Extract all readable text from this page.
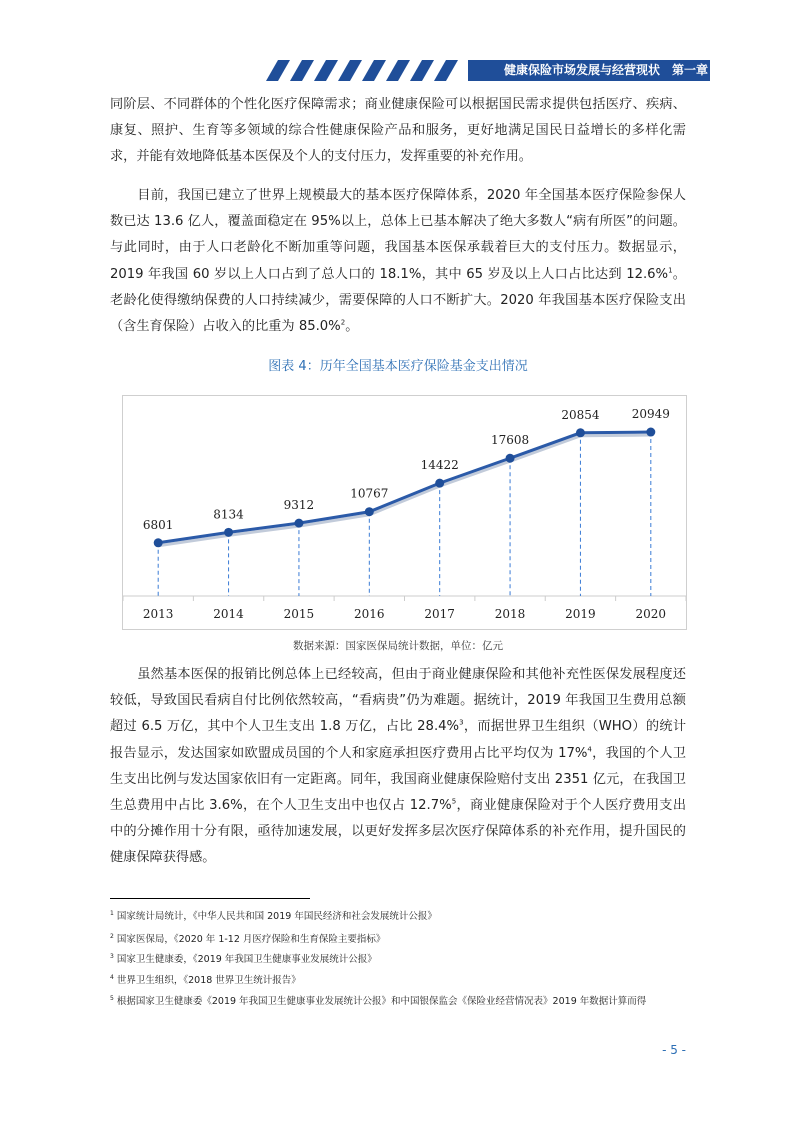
健康保险市场发展与经营现状　第一章

同阶层、不同群体的个性化医疗保障需求；商业健康保险可以根据国民需求提供包括医疗、疾病、康复、照护、生育等多领域的综合性健康保险产品和服务，更好地满足国民日益增长的多样化需求，并能有效地降低基本医保及个人的支付压力，发挥重要的补充作用。

目前，我国已建立了世界上规模最大的基本医疗保障体系，2020 年全国基本医疗保险参保人数已达 13.6 亿人，覆盖面稳定在 95%以上，总体上已基本解决了绝大多数人“病有所医”的问题。与此同时，由于人口老龄化不断加重等问题，我国基本医保承载着巨大的支付压力。数据显示，2019 年我国 60 岁以上人口占到了总人口的 18.1%，其中 65 岁及以上人口占比达到 12.6%$^1$。老龄化使得缴纳保费的人口持续减少，需要保障的人口不断扩大。2020 年我国基本医疗保险支出（含生育保险）占收入的比重为 85.0%$^2$。

图表 4：历年全国基本医疗保险基金支出情况
6801
8134
9312
10767
14422
17608
20854	20949
2013	2014	2015	2016	2017	2018	2019	2020
数据来源：国家医保局统计数据，单位：亿元

虽然基本医保的报销比例总体上已经较高，但由于商业健康保险和其他补充性医保发展程度还较低，导致国民看病自付比例依然较高，“看病贵”仍为难题。据统计，2019 年我国卫生费用总额超过 6.5 万亿，其中个人卫生支出 1.8 万亿，占比 28.4%$^3$，而据世界卫生组织（WHO）的统计报告显示，发达国家如欧盟成员国的个人和家庭承担医疗费用占比平均仅为 17%$^4$，我国的个人卫生支出比例与发达国家依旧有一定距离。同年，我国商业健康保险赔付支出 2351 亿元，在我国卫生总费用中占比 3.6%，在个人卫生支出中也仅占 12.7%$^5$，商业健康保险对于个人医疗费用支出中的分摊作用十分有限，亟待加速发展，以更好发挥多层次医疗保障体系的补充作用，提升国民的健康保障获得感。

$^1$ 国家统计局统计，《中华人民共和国 2019 年国民经济和社会发展统计公报》
$^2$ 国家医保局，《2020 年 1-12 月医疗保险和生育保险主要指标》
$^3$ 国家卫生健康委，《2019 年我国卫生健康事业发展统计公报》
$^4$ 世界卫生组织，《2018 世界卫生统计报告》
$^5$ 根据国家卫生健康委《2019 年我国卫生健康事业发展统计公报》和中国银保监会《保险业经营情况表》2019 年数据计算而得
- 5 -
